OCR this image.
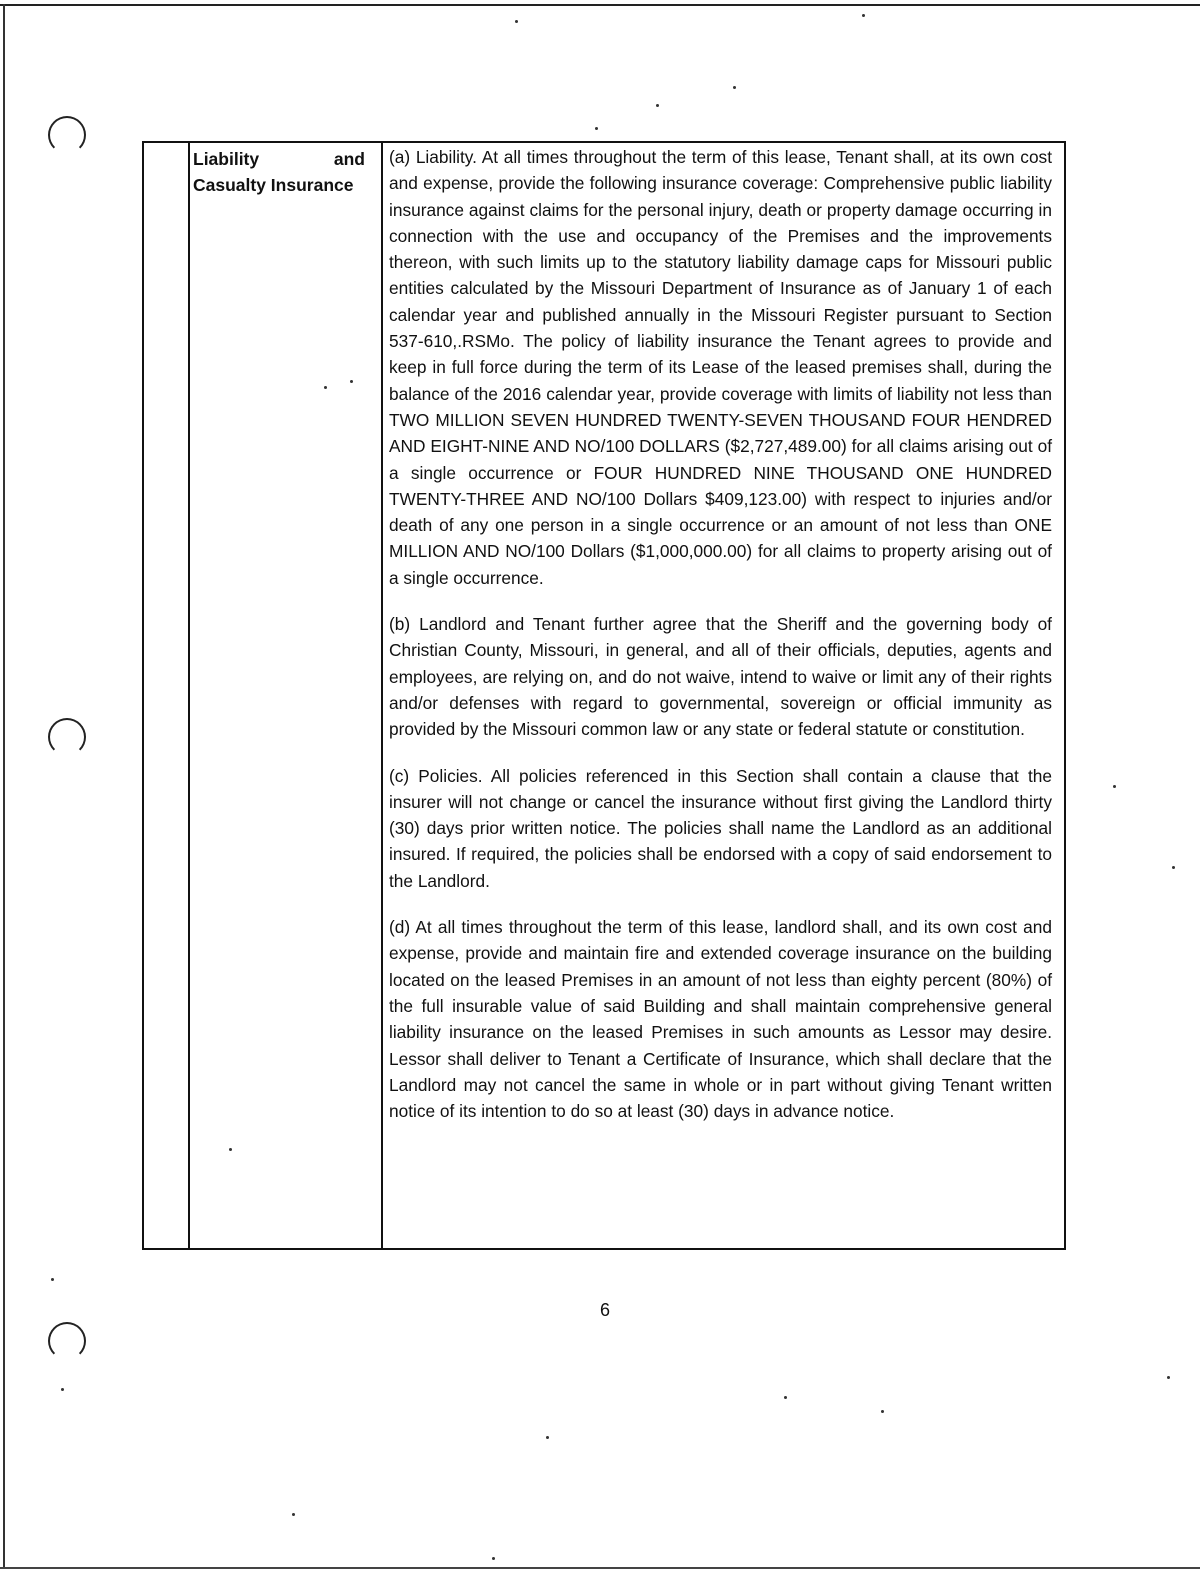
Liability	and
Casualty Insurance

(a) Liability. At all times throughout the term of this lease, Tenant shall, at its own cost and expense, provide the following insurance coverage: Comprehensive public liability insurance against claims for the personal injury, death or property damage occurring in connection with the use and occupancy of the Premises and the improvements thereon, with such limits up to the statutory liability damage caps for Missouri public entities calculated by the Missouri Department of Insurance as of January 1 of each calendar year and published annually in the Missouri Register pursuant to Section 537-610,.RSMo. The policy of liability insurance the Tenant agrees to provide and keep in full force during the term of its Lease of the leased premises shall, during the balance of the 2016 calendar year, provide coverage with limits of liability not less than TWO MILLION SEVEN HUNDRED TWENTY-SEVEN THOUSAND FOUR HENDRED AND EIGHT-NINE AND NO/100 DOLLARS ($2,727,489.00) for all claims arising out of a single occurrence or FOUR HUNDRED NINE THOUSAND ONE HUNDRED TWENTY-THREE AND NO/100 Dollars $409,123.00) with respect to injuries and/or death of any one person in a single occurrence or an amount of not less than ONE MILLION AND NO/100 Dollars ($1,000,000.00) for all claims to property arising out of a single occurrence.

(b) Landlord and Tenant further agree that the Sheriff and the governing body of Christian County, Missouri, in general, and all of their officials, deputies, agents and employees, are relying on, and do not waive, intend to waive or limit any of their rights and/or defenses with regard to governmental, sovereign or official immunity as provided by the Missouri common law or any state or federal statute or constitution.

(c) Policies. All policies referenced in this Section shall contain a clause that the insurer will not change or cancel the insurance without first giving the Landlord thirty (30) days prior written notice. The policies shall name the Landlord as an additional insured. If required, the policies shall be endorsed with a copy of said endorsement to the Landlord.

(d) At all times throughout the term of this lease, landlord shall, and its own cost and expense, provide and maintain fire and extended coverage insurance on the building located on the leased Premises in an amount of not less than eighty percent (80%) of the full insurable value of said Building and shall maintain comprehensive general liability insurance on the leased Premises in such amounts as Lessor may desire. Lessor shall deliver to Tenant a Certificate of Insurance, which shall declare that the Landlord may not cancel the same in whole or in part without giving Tenant written notice of its intention to do so at least (30) days in advance notice.

6
